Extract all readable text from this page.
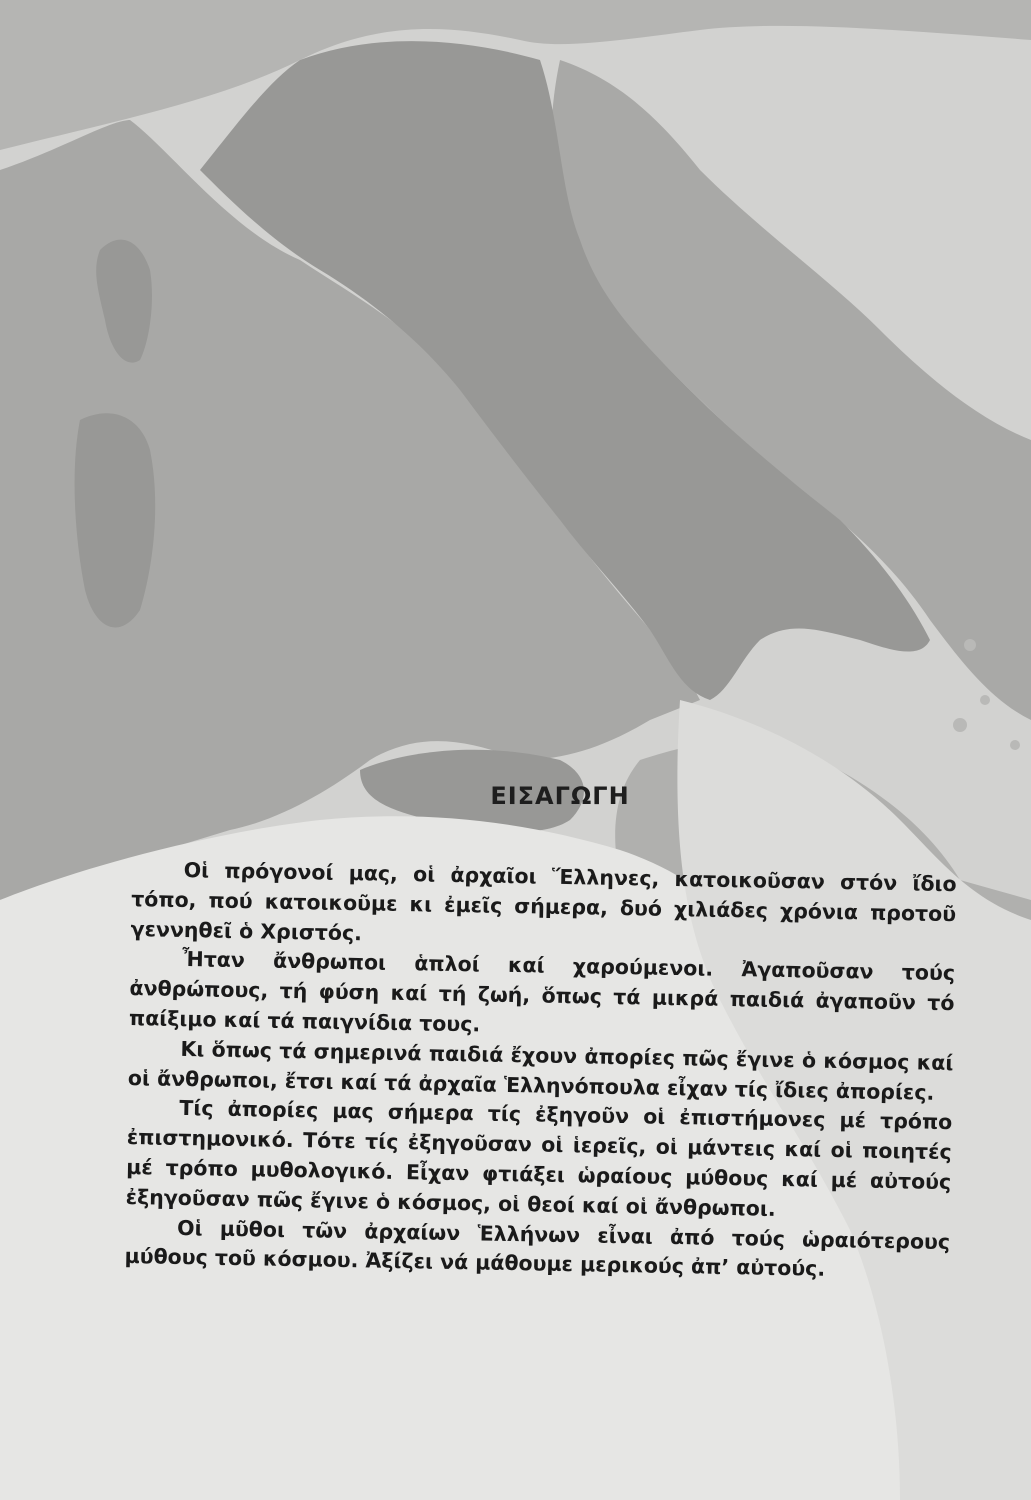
ΕΙΣΑΓΩΓΗ

Οἱ πρόγονοί μας, οἱ ἀρχαῖοι Ἕλληνες, κατοικοῦσαν στόν ἴδιο τόπο, πού κατοικοῦμε κι ἐμεῖς σήμερα, δυό χιλιάδες χρόνια προτοῦ γεννηθεῖ ὁ Χριστός.

Ἦταν ἄνθρωποι ἁπλοί καί χαρούμενοι. Ἀγαποῦσαν τούς ἀνθρώπους, τή φύση καί τή ζωή, ὅπως τά μικρά παιδιά ἀγαποῦν τό παίξιμο καί τά παιγνίδια τους.

Κι ὅπως τά σημερινά παιδιά ἔχουν ἀπορίες πῶς ἔγινε ὁ κόσμος καί οἱ ἄνθρωποι, ἔτσι καί τά ἀρχαῖα Ἑλληνόπουλα εἶχαν τίς ἴδιες ἀπορίες.

Τίς ἀπορίες μας σήμερα τίς ἐξηγοῦν οἱ ἐπιστήμονες μέ τρόπο ἐπιστημονικό. Τότε τίς ἐξηγοῦσαν οἱ ἱερεῖς, οἱ μάντεις καί οἱ ποιητές μέ τρόπο μυθολογικό. Εἶχαν φτιάξει ὡραίους μύθους καί μέ αὐτούς ἐξηγοῦσαν πῶς ἔγινε ὁ κόσμος, οἱ θεοί καί οἱ ἄνθρωποι.

Οἱ μῦθοι τῶν ἀρχαίων Ἑλλήνων εἶναι ἀπό τούς ὡραιότερους μύθους τοῦ κόσμου. Ἀξίζει νά μάθουμε μερικούς ἀπ’ αὐτούς.
